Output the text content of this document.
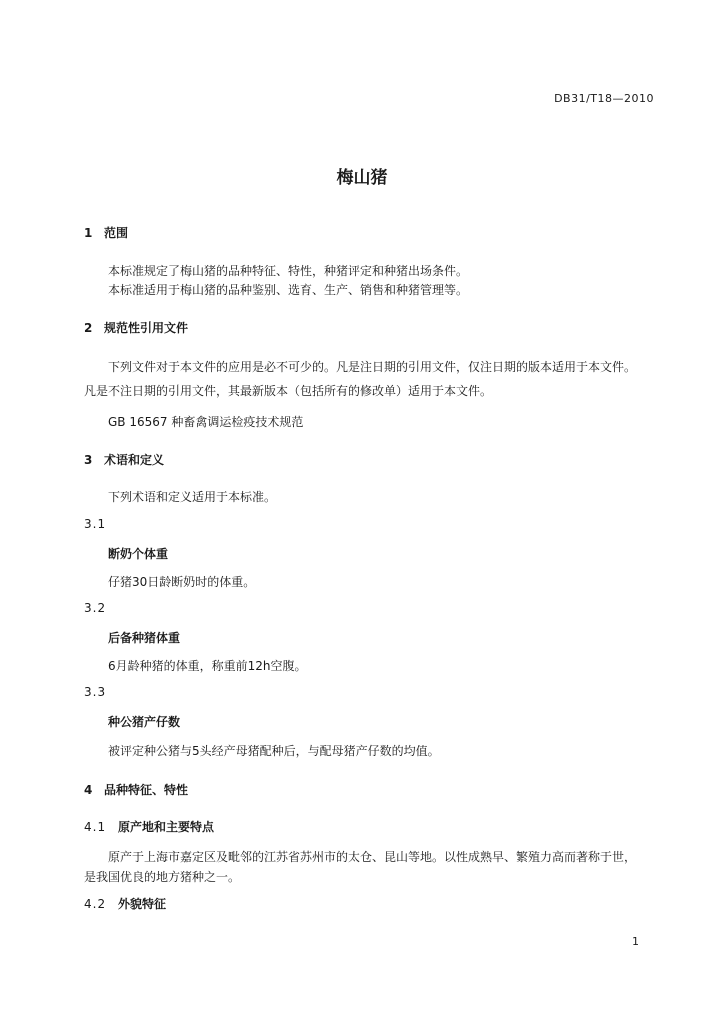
DB31/T18—2010
梅山猪
1 范围
本标准规定了梅山猪的品种特征、特性，种猪评定和种猪出场条件。
本标准适用于梅山猪的品种鉴别、选育、生产、销售和种猪管理等。
2 规范性引用文件
下列文件对于本文件的应用是必不可少的。凡是注日期的引用文件，仅注日期的版本适用于本文件。
凡是不注日期的引用文件，其最新版本（包括所有的修改单）适用于本文件。
GB 16567 种畜禽调运检疫技术规范
3 术语和定义
下列术语和定义适用于本标准。
3.1
断奶个体重
仔猪30日龄断奶时的体重。
3.2
后备种猪体重
6月龄种猪的体重，称重前12h空腹。
3.3
种公猪产仔数
被评定种公猪与5头经产母猪配种后，与配母猪产仔数的均值。
4 品种特征、特性
4.1 原产地和主要特点
原产于上海市嘉定区及毗邻的江苏省苏州市的太仓、昆山等地。以性成熟早、繁殖力高而著称于世，
是我国优良的地方猪种之一。
4.2 外貌特征
1
